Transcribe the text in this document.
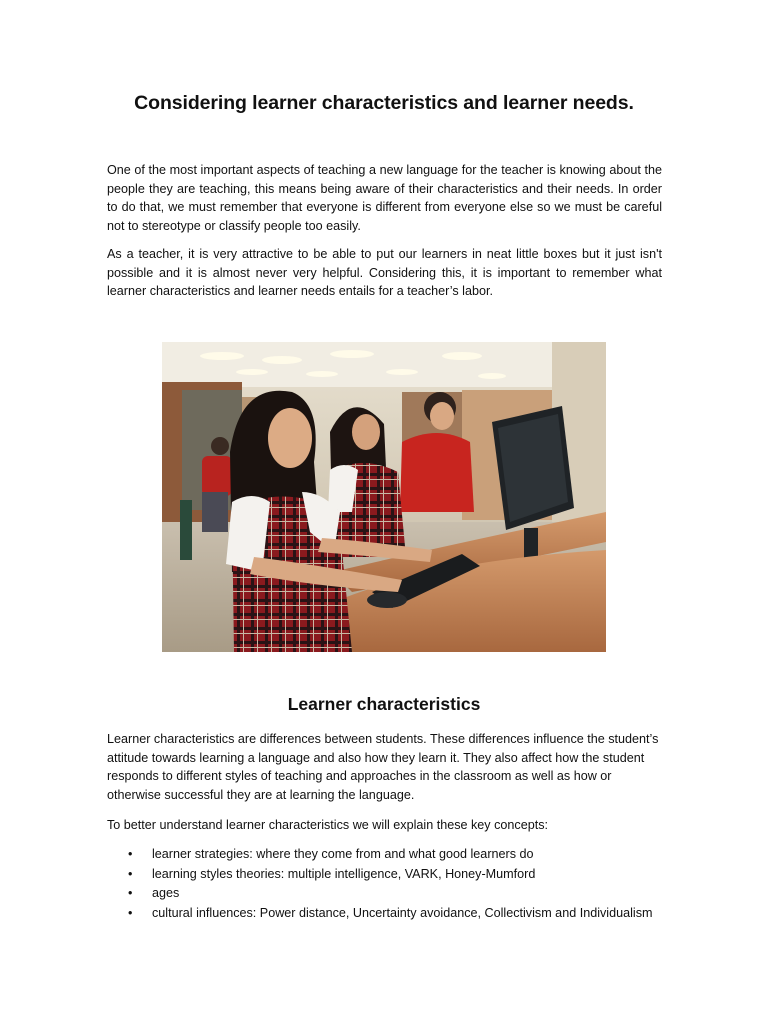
Considering learner characteristics and learner needs.

One of the most important aspects of teaching a new language for the teacher is knowing about the people they are teaching, this means being aware of their characteristics and their needs. In order to do that, we must remember that everyone is different from everyone else so we must be careful not to stereotype or classify people too easily.

As a teacher, it is very attractive to be able to put our learners in neat little boxes but it just isn't possible and it is almost never very helpful. Considering this, it is important to remember what learner characteristics and learner needs entails for a teacher’s labor.

Learner characteristics

Learner characteristics are differences between students. These differences influence the student’s attitude towards learning a language and also how they learn it. They also affect how the student responds to different styles of teaching and approaches in the classroom as well as how or otherwise successful they are at learning the language.

To better understand learner characteristics we will explain these key concepts:

• learner strategies: where they come from and what good learners do
• learning styles theories: multiple intelligence, VARK, Honey-Mumford
• ages
• cultural influences: Power distance, Uncertainty avoidance, Collectivism and Individualism
